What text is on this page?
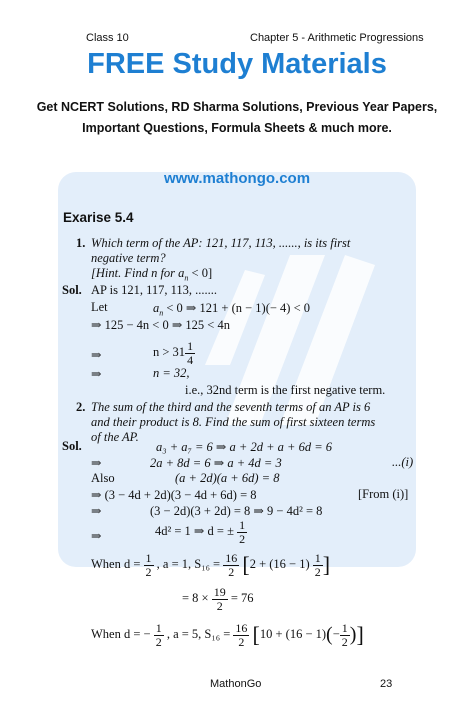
Class 10	Chapter 5 - Arithmetic Progressions
FREE Study Materials
Get NCERT Solutions, RD Sharma Solutions, Previous Year Papers,
Important Questions, Formula Sheets & much more.
www.mathongo.com
Exarise 5.4
1. Which term of the AP: 121, 117, 113, ......, is its first
negative term?
[Hint. Find n for $a_n < 0$]
Sol. AP is 121, 117, 113, .......
Let	$a_n < 0$ ⇒ 121 + (n − 1)(− 4) < 0
⇒ 125 − 4n < 0 ⇒ 125 < 4n
⇒	$n > 31 \frac{1}{4}$
⇒	n = 32,
i.e., 32nd term is the first negative term.
2. The sum of the third and the seventh terms of an AP is 6
and their product is 8. Find the sum of first sixteen terms
of the AP.
Sol.	a₃ + a₇ = 6 ⇒ a + 2d + a + 6d = 6
⇒	2a + 8d = 6 ⇒ a + 4d = 3	...(i)
Also	(a + 2d)(a + 6d) = 8
⇒ (3 − 4d + 2d)(3 − 4d + 6d) = 8	[From (i)]
⇒	(3 − 2d)(3 + 2d) = 8 ⇒ 9 − 4d² = 8
⇒	4d² = 1 ⇒ d = ± $\frac{1}{2}$
When $d = \frac{1}{2}$ , a = 1, $S_{16} = \frac{16}{2} [2 + (16 - 1) \frac{1}{2}$ ]
= $8 \times \frac{19}{2} = 76$
When d = − $\frac{1}{2}$ , a = 5, $S_{16} = \frac{16}{2} [10 + (16 - 1)(- \frac{1}{2}$ )]
MathonGo	23
